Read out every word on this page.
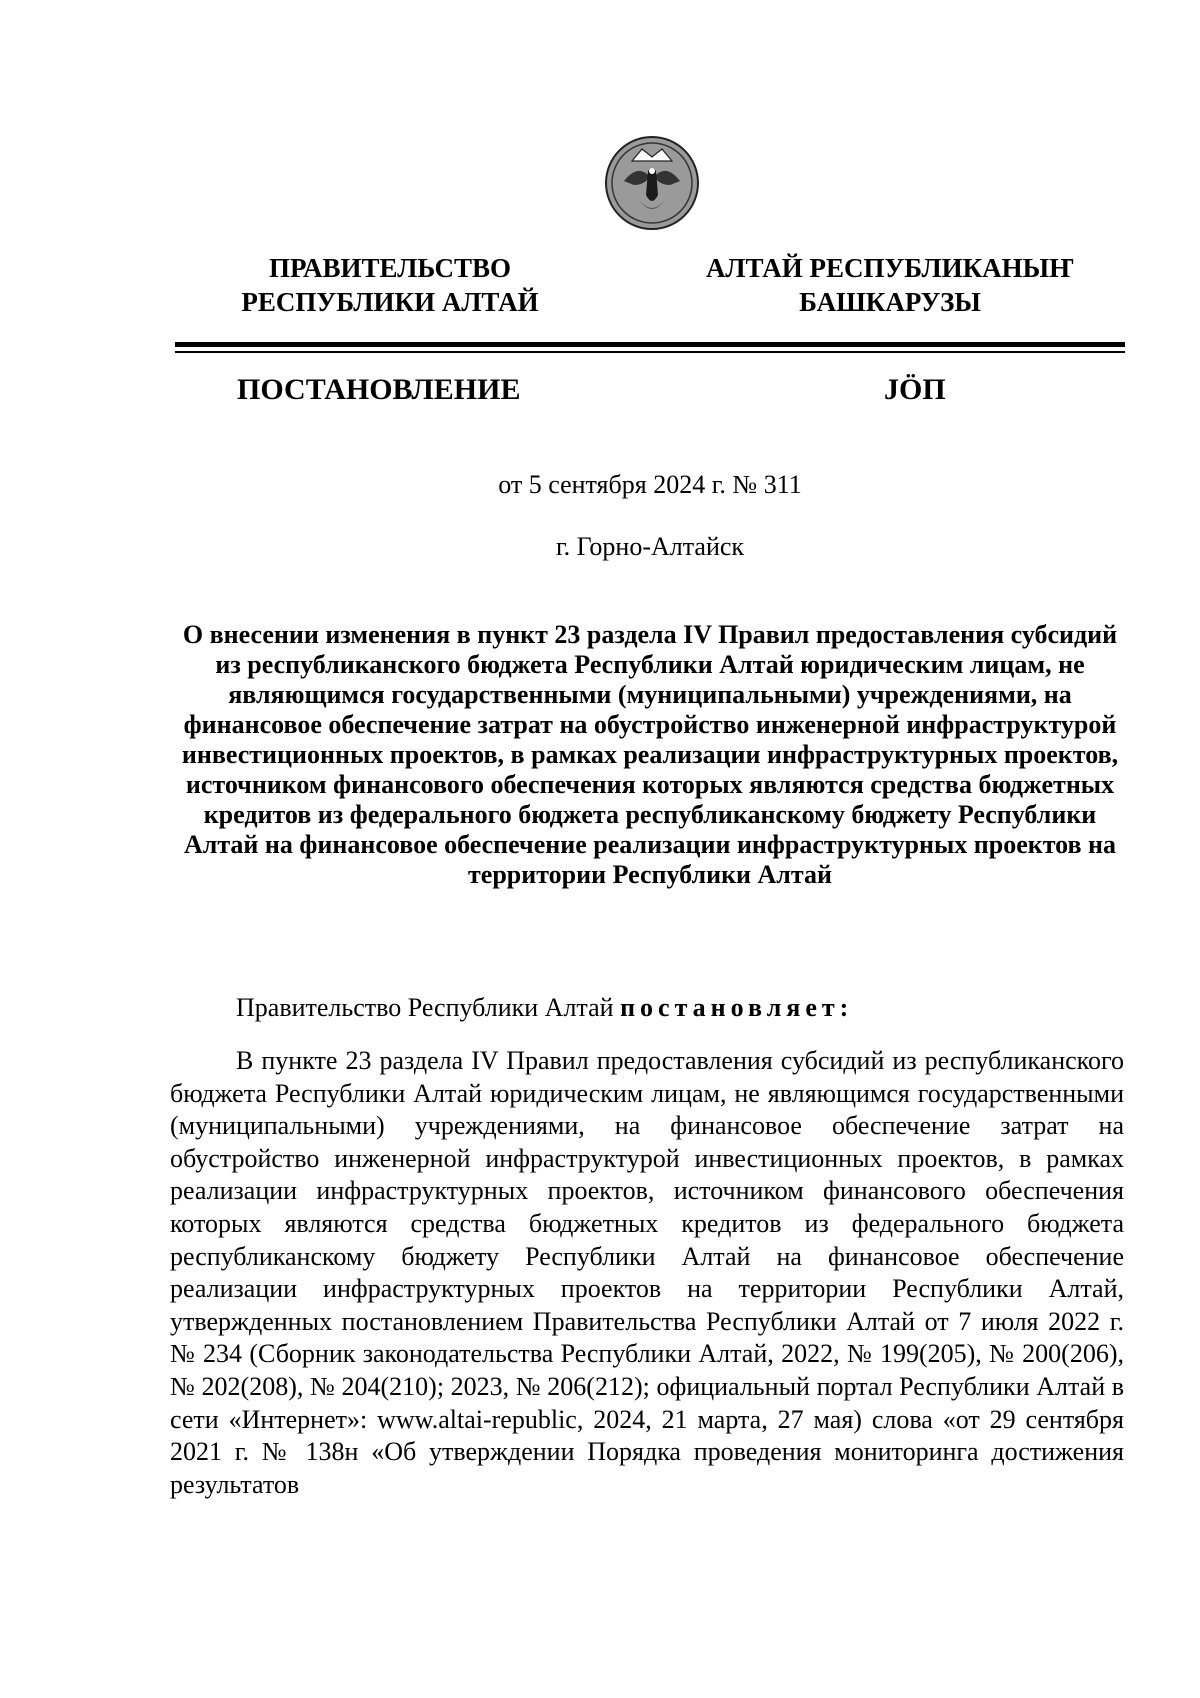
ПРАВИТЕЛЬСТВО
РЕСПУБЛИКИ АЛТАЙ
АЛТАЙ РЕСПУБЛИКАНЫҤ
БАШКАРУЗЫ
ПОСТАНОВЛЕНИЕ	JÖП
от 5 сентября 2024 г. № 311
г. Горно-Алтайск
О внесении изменения в пункт 23 раздела IV Правил предоставления субсидий из республиканского бюджета Республики Алтай юридическим лицам, не являющимся государственными (муниципальными) учреждениями, на финансовое обеспечение затрат на обустройство инженерной инфраструктурой инвестиционных проектов, в рамках реализации инфраструктурных проектов, источником финансового обеспечения которых являются средства бюджетных кредитов из федерального бюджета республиканскому бюджету Республики Алтай на финансовое обеспечение реализации инфраструктурных проектов на территории Республики Алтай
Правительство Республики Алтай постановляет:
В пункте 23 раздела IV Правил предоставления субсидий из республиканского бюджета Республики Алтай юридическим лицам, не являющимся государственными (муниципальными) учреждениями, на финансовое обеспечение затрат на обустройство инженерной инфраструктурой инвестиционных проектов, в рамках реализации инфраструктурных проектов, источником финансового обеспечения которых являются средства бюджетных кредитов из федерального бюджета республиканскому бюджету Республики Алтай на финансовое обеспечение реализации инфраструктурных проектов на территории Республики Алтай, утвержденных постановлением Правительства Республики Алтай от 7 июля 2022 г. № 234 (Сборник законодательства Республики Алтай, 2022, № 199(205), № 200(206), № 202(208), № 204(210); 2023, № 206(212); официальный портал Республики Алтай в сети «Интернет»: www.altai-republic, 2024, 21 марта, 27 мая) слова «от 29 сентября 2021 г. № 138н «Об утверждении Порядка проведения мониторинга достижения результатов
